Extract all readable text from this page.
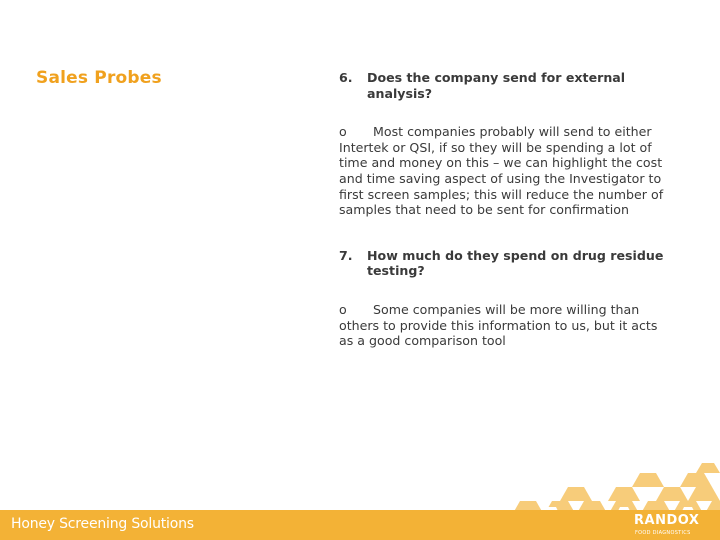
Sales Probes	6.	Does the company send for external analysis?
o Most companies probably will send to either Intertek or QSI, if so they will be spending a lot of time and money on this – we can highlight the cost and time saving aspect of using the Investigator to first screen samples; this will reduce the number of samples that need to be sent for confirmation
7.	How much do they spend on drug residue testing?
o Some companies will be more willing than others to provide this information to us, but it acts as a good comparison tool
Honey Screening Solutions	RANDOX
FOOD DIAGNOSTICS
